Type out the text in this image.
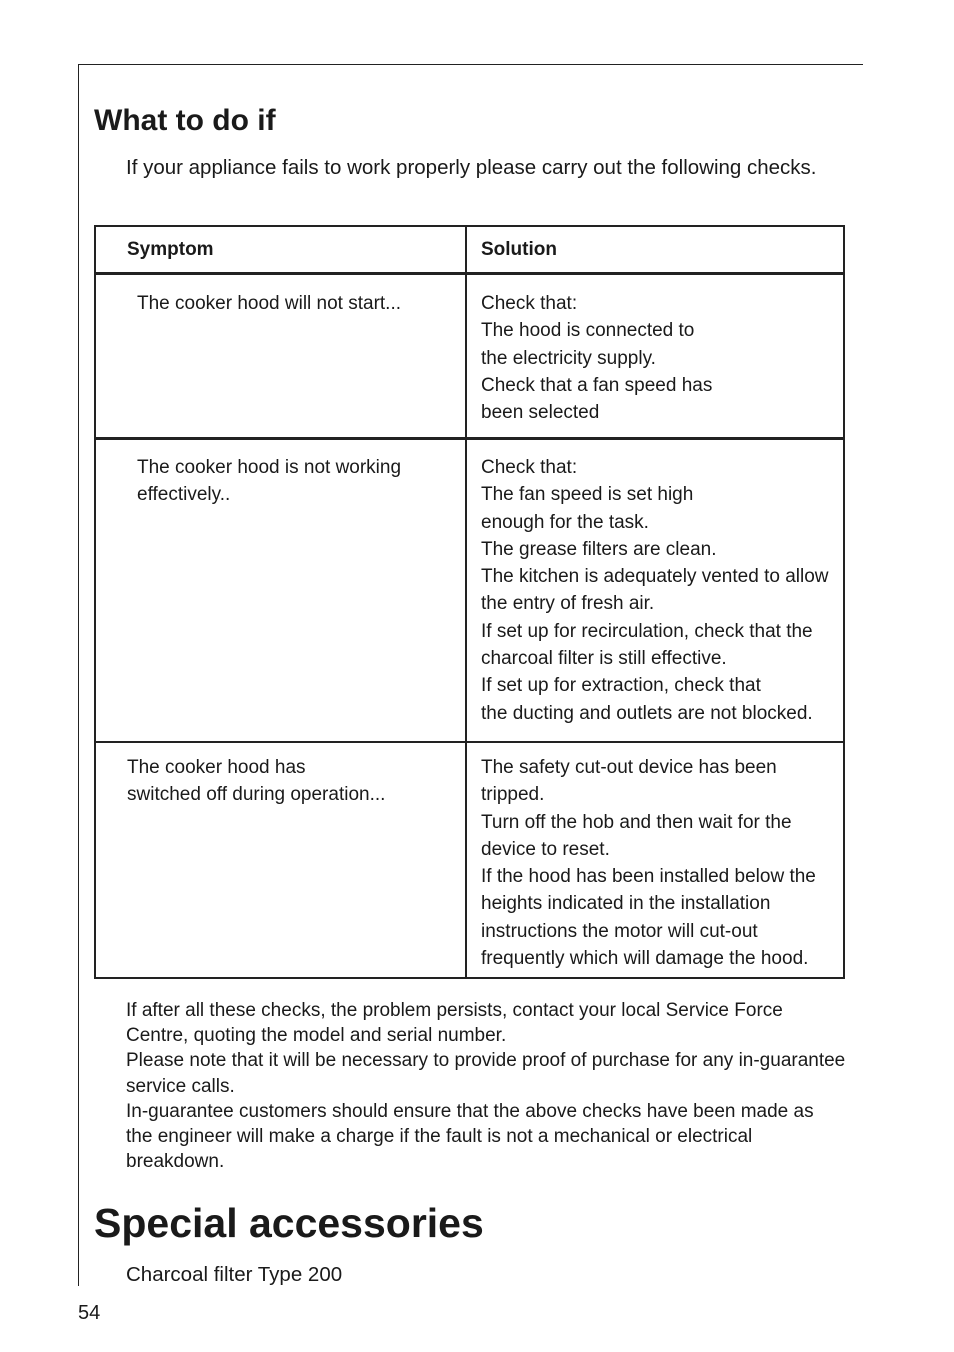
What to do if

If your appliance fails to work properly please carry out the following checks.

Symptom	Solution
The cooker hood will not start...	Check that:
The hood is connected to
the electricity supply.
Check that a fan speed has
been selected
The cooker hood is not working
effectively..
Check that:
The fan speed is set high
enough for the task.
The grease filters are clean.
The kitchen is adequately vented to allow
the entry of fresh air.
If set up for recirculation, check that the
charcoal filter is still effective.
If set up for extraction, check that
the ducting and outlets are not blocked.
The cooker hood has
switched off during operation...
The safety cut-out device has been
tripped.
Turn off the hob and then wait for the
device to reset.
If the hood has been installed below the
heights indicated in the installation
instructions the motor will cut-out
frequently which will damage the hood.
If after all these checks, the problem persists, contact your local Service Force
Centre, quoting the model and serial number.
Please note that it will be necessary to provide proof of purchase for any in-guarantee
service calls.
In-guarantee customers should ensure that the above checks have been made as
the engineer will make a charge if the fault is not a mechanical or electrical
breakdown.
Special accessories
Charcoal filter Type 200
54
